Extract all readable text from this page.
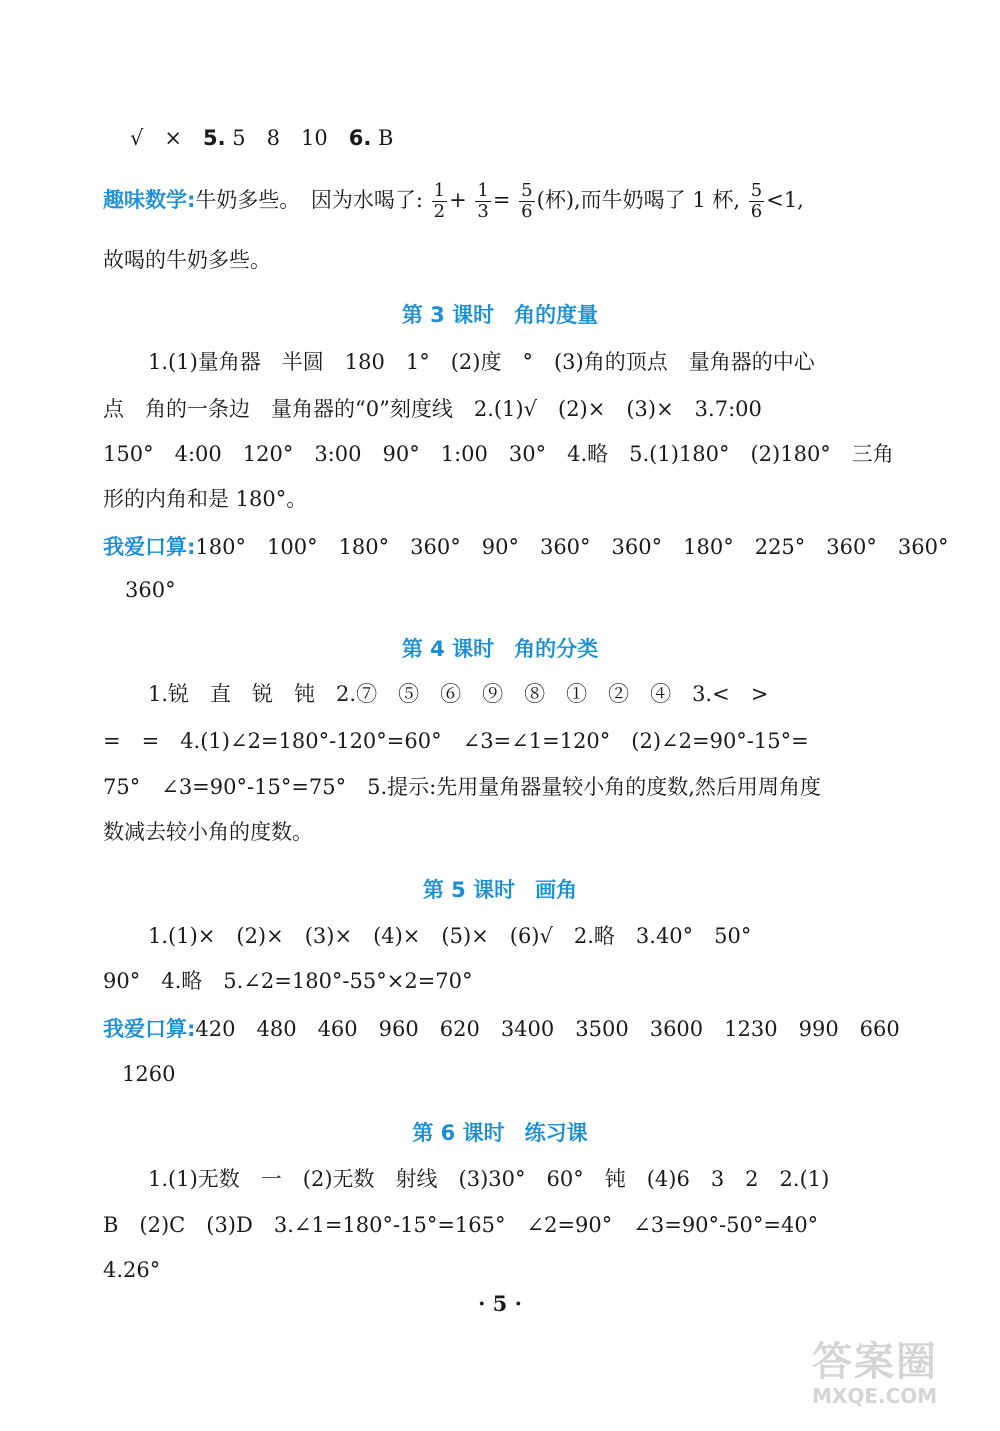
√　×　5. 5　8　10　6. B
趣味数学:牛奶多些。　因为水喝了: $\frac{1}{2} + \frac{1}{3} = \frac{5}{6}$ (杯),而牛奶喝了 1 杯, $\frac{5}{6} <1$,
故喝的牛奶多些。
第 3 课时 角的度量
1.(1)量角器　半圆　180　1°　(2)度　°　(3)角的顶点　量角器的中心
点　角的一条边　量角器的“0”刻度线　2.(1)√　(2)×　(3)×　3.7:00
150°　4:00　120°　3:00　90°　1:00　30°　4.略　5.(1)180°　(2)180°　三角
形的内角和是 180°。
我爱口算:180°　100°　180°　360°　90°　360°　360°　180°　225°　360°　360°
360°
第 4 课时 角的分类
1.锐　直　锐　钝　2.⑦　⑤　⑥　⑨　⑧　①　②　④　3.<　>
=　=　4.(1)∠2=180°-120°=60°　∠3=∠1=120°　(2)∠2=90°-15°=
75°　∠3=90°-15°=75°　5.提示:先用量角器量较小角的度数,然后用周角度
数减去较小角的度数。
第 5 课时 画角
1.(1)×　(2)×　(3)×　(4)×　(5)×　(6)√　2.略　3.40°　50°
90°　4.略　5.∠2=180°-55°×2=70°
我爱口算:420　480　460　960　620　3400　3500　3600　1230　990　660
1260
第 6 课时 练习课
1.(1)无数　一　(2)无数　射线　(3)30°　60°　钝　(4)6　3　2　2.(1)
B　(2)C　(3)D　3.∠1=180°-15°=165°　∠2=90°　∠3=90°-50°=40°
4.26°
· 5 ·
答案圈
MXQE.COM
